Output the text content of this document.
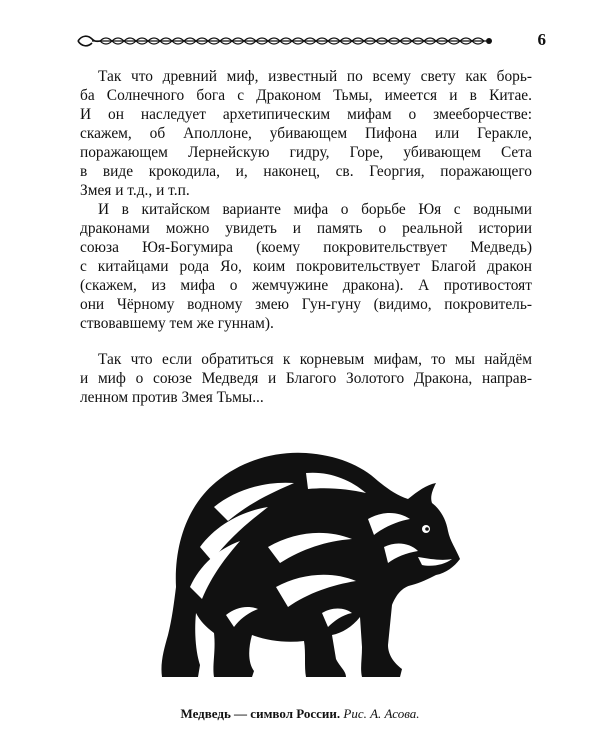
6

Так что древний миф, известный по всему свету как борь-
ба Солнечного бога с Драконом Тьмы, имеется и в Китае.
И он наследует архетипическим мифам о змееборчестве:
скажем, об Аполлоне, убивающем Пифона или Геракле,
поражающем Лернейскую гидру, Горе, убивающем Сета
в виде крокодила, и, наконец, св. Георгия, поражающего
Змея и т.д., и т.п.

И в китайском варианте мифа о борьбе Юя с водными
драконами можно увидеть и память о реальной истории
союза Юя-Богумира (коему покровительствует Медведь)
с китайцами рода Яо, коим покровительствует Благой дракон
(скажем, из мифа о жемчужине дракона). А противостоят
они Чёрному водному змею Гун-гуну (видимо, покровитель-
ствовавшему тем же гуннам).

Так что если обратиться к корневым мифам, то мы найдём
и миф о союзе Медведя и Благого Золотого Дракона, направ-
ленном против Змея Тьмы...

Медведь — символ России. Рис. А. Асова.
